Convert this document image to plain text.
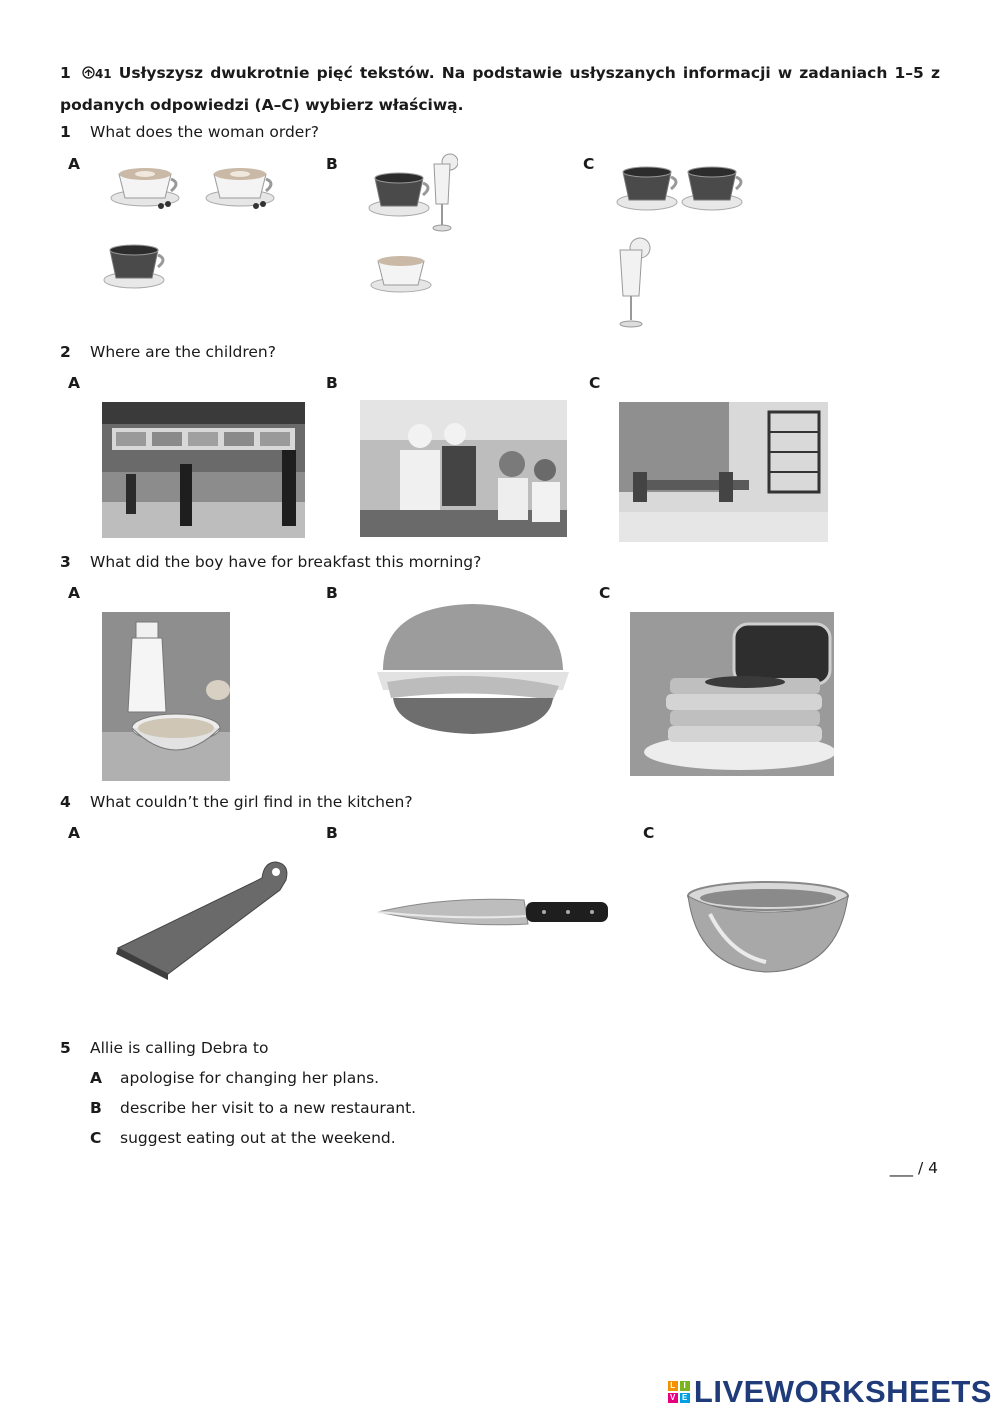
1 41 Usłyszysz dwukrotnie pięć tekstów. Na podstawie usłyszanych informacji w zadaniach 1–5 z podanych odpowiedzi (A–C) wybierz właściwą.
1 What does the woman order?
A	B	C
2 Where are the children?
A	B	C
3 What did the boy have for breakfast this morning?
A	B	C
4 What couldn’t the girl find in the kitchen?
A	B	C
5 Allie is calling Debra to
A apologise for changing her plans.
B describe her visit to a new restaurant.
C suggest eating out at the weekend.
___ / 4
L I
V E LIVEWORKSHEETS
